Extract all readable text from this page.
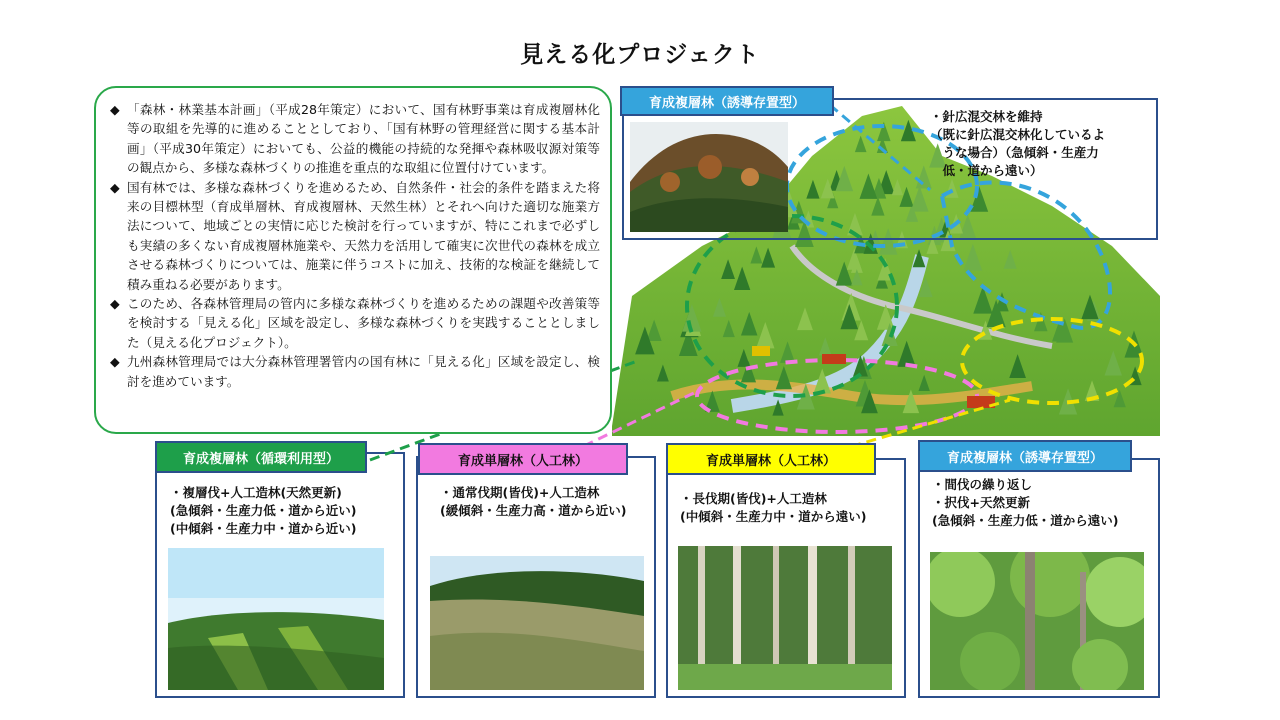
見える化プロジェクト

◆ 「森林・林業基本計画」（平成28年策定）において、国有林野事業は育成複層林化等の取組を先導的に進めることとしており、「国有林野の管理経営に関する基本計画」（平成30年策定）においても、公益的機能の持続的な発揮や森林吸収源対策等の観点から、多様な森林づくりの推進を重点的な取組に位置付けています。

◆ 国有林では、多様な森林づくりを進めるため、自然条件・社会的条件を踏まえた将来の目標林型（育成単層林、育成複層林、天然生林）とそれへ向けた適切な施業方法について、地域ごとの実情に応じた検討を行っていますが、特にこれまで必ずしも実績の多くない育成複層林施業や、天然力を活用して確実に次世代の森林を成立させる森林づくりについては、施業に伴うコストに加え、技術的な検証を継続して積み重ねる必要があります。

◆ このため、各森林管理局の管内に多様な森林づくりを進めるための課題や改善策等を検討する「見える化」区域を設定し、多様な森林づくりを実践することとしました（見える化プロジェクト）。

◆ 九州森林管理局では大分森林管理署管内の国有林に「見える化」区域を設定し、検討を進めています。

育成複層林（誘導存置型）
・針広混交林を維持
（既に針広混交林化しているよ
　うな場合）（急傾斜・生産力
　低・道から遠い）
育成複層林（循環利用型）
・複層伐+人工造林(天然更新)
(急傾斜・生産力低・道から近い)
(中傾斜・生産力中・道から近い)
育成単層林（人工林）
・通常伐期(皆伐)+人工造林
(緩傾斜・生産力高・道から近い)
育成単層林（人工林）
・長伐期(皆伐)+人工造林
(中傾斜・生産力中・道から遠い)
育成複層林（誘導存置型）
・間伐の繰り返し
・択伐+天然更新
(急傾斜・生産力低・道から遠い)
